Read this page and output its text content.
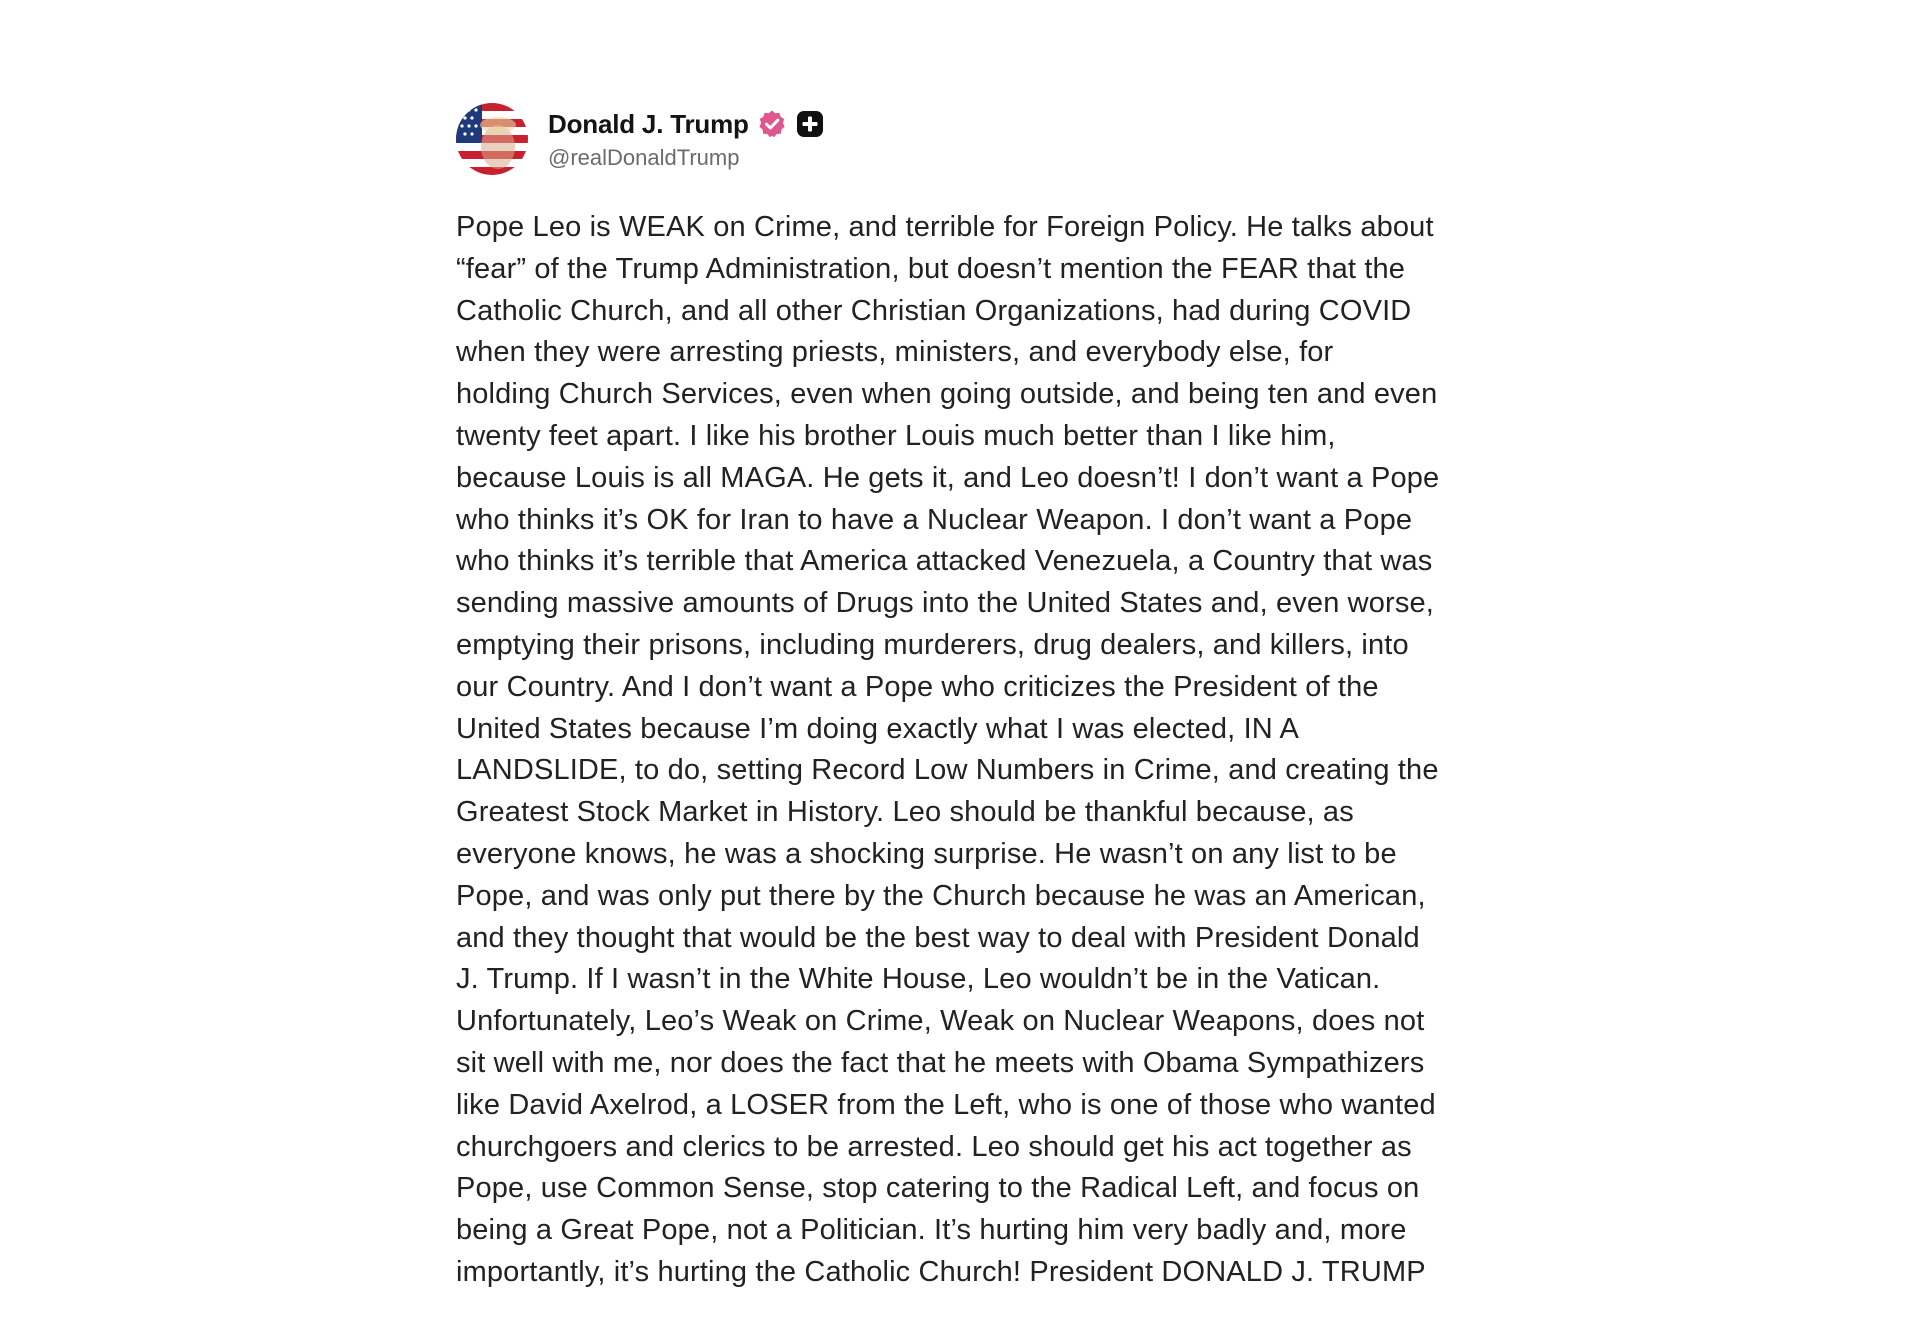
Donald J. Trump
@realDonaldTrump
Pope Leo is WEAK on Crime, and terrible for Foreign Policy. He talks about
“fear” of the Trump Administration, but doesn’t mention the FEAR that the
Catholic Church, and all other Christian Organizations, had during COVID
when they were arresting priests, ministers, and everybody else, for
holding Church Services, even when going outside, and being ten and even
twenty feet apart. I like his brother Louis much better than I like him,
because Louis is all MAGA. He gets it, and Leo doesn’t! I don’t want a Pope
who thinks it’s OK for Iran to have a Nuclear Weapon. I don’t want a Pope
who thinks it’s terrible that America attacked Venezuela, a Country that was
sending massive amounts of Drugs into the United States and, even worse,
emptying their prisons, including murderers, drug dealers, and killers, into
our Country. And I don’t want a Pope who criticizes the President of the
United States because I’m doing exactly what I was elected, IN A
LANDSLIDE, to do, setting Record Low Numbers in Crime, and creating the
Greatest Stock Market in History. Leo should be thankful because, as
everyone knows, he was a shocking surprise. He wasn’t on any list to be
Pope, and was only put there by the Church because he was an American,
and they thought that would be the best way to deal with President Donald
J. Trump. If I wasn’t in the White House, Leo wouldn’t be in the Vatican.
Unfortunately, Leo’s Weak on Crime, Weak on Nuclear Weapons, does not
sit well with me, nor does the fact that he meets with Obama Sympathizers
like David Axelrod, a LOSER from the Left, who is one of those who wanted
churchgoers and clerics to be arrested. Leo should get his act together as
Pope, use Common Sense, stop catering to the Radical Left, and focus on
being a Great Pope, not a Politician. It’s hurting him very badly and, more
importantly, it’s hurting the Catholic Church! President DONALD J. TRUMP
